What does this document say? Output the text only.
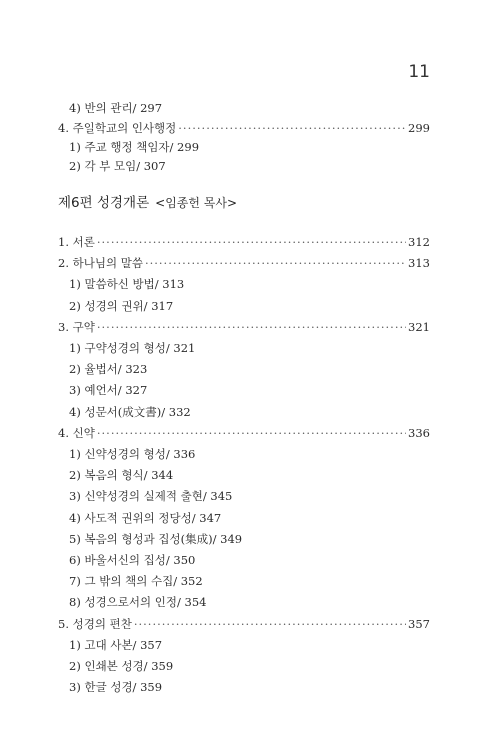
11
4) 반의 관리/ 297
4. 주일학교의 인사행정 ·····	299
1) 주교 행정 책임자/ 299
2) 각 부 모임/ 307
제6편 성경개론 <임종헌 목사>
1. 서론 ·····	312
2. 하나님의 말씀 ·····	313
1) 말씀하신 방법/ 313
2) 성경의 권위/ 317
3. 구약 ·····	321
1) 구약성경의 형성/ 321
2) 율법서/ 323
3) 예언서/ 327
4) 성문서(成文書)/ 332
4. 신약 ·····	336
1) 신약성경의 형성/ 336
2) 복음의 형식/ 344
3) 신약성경의 실제적 출현/ 345
4) 사도적 권위의 정당성/ 347
5) 복음의 형성과 집성(集成)/ 349
6) 바울서신의 집성/ 350
7) 그 밖의 책의 수집/ 352
8) 성경으로서의 인정/ 354
5. 성경의 편찬 ·····	357
1) 고대 사본/ 357
2) 인쇄본 성경/ 359
3) 한글 성경/ 359
